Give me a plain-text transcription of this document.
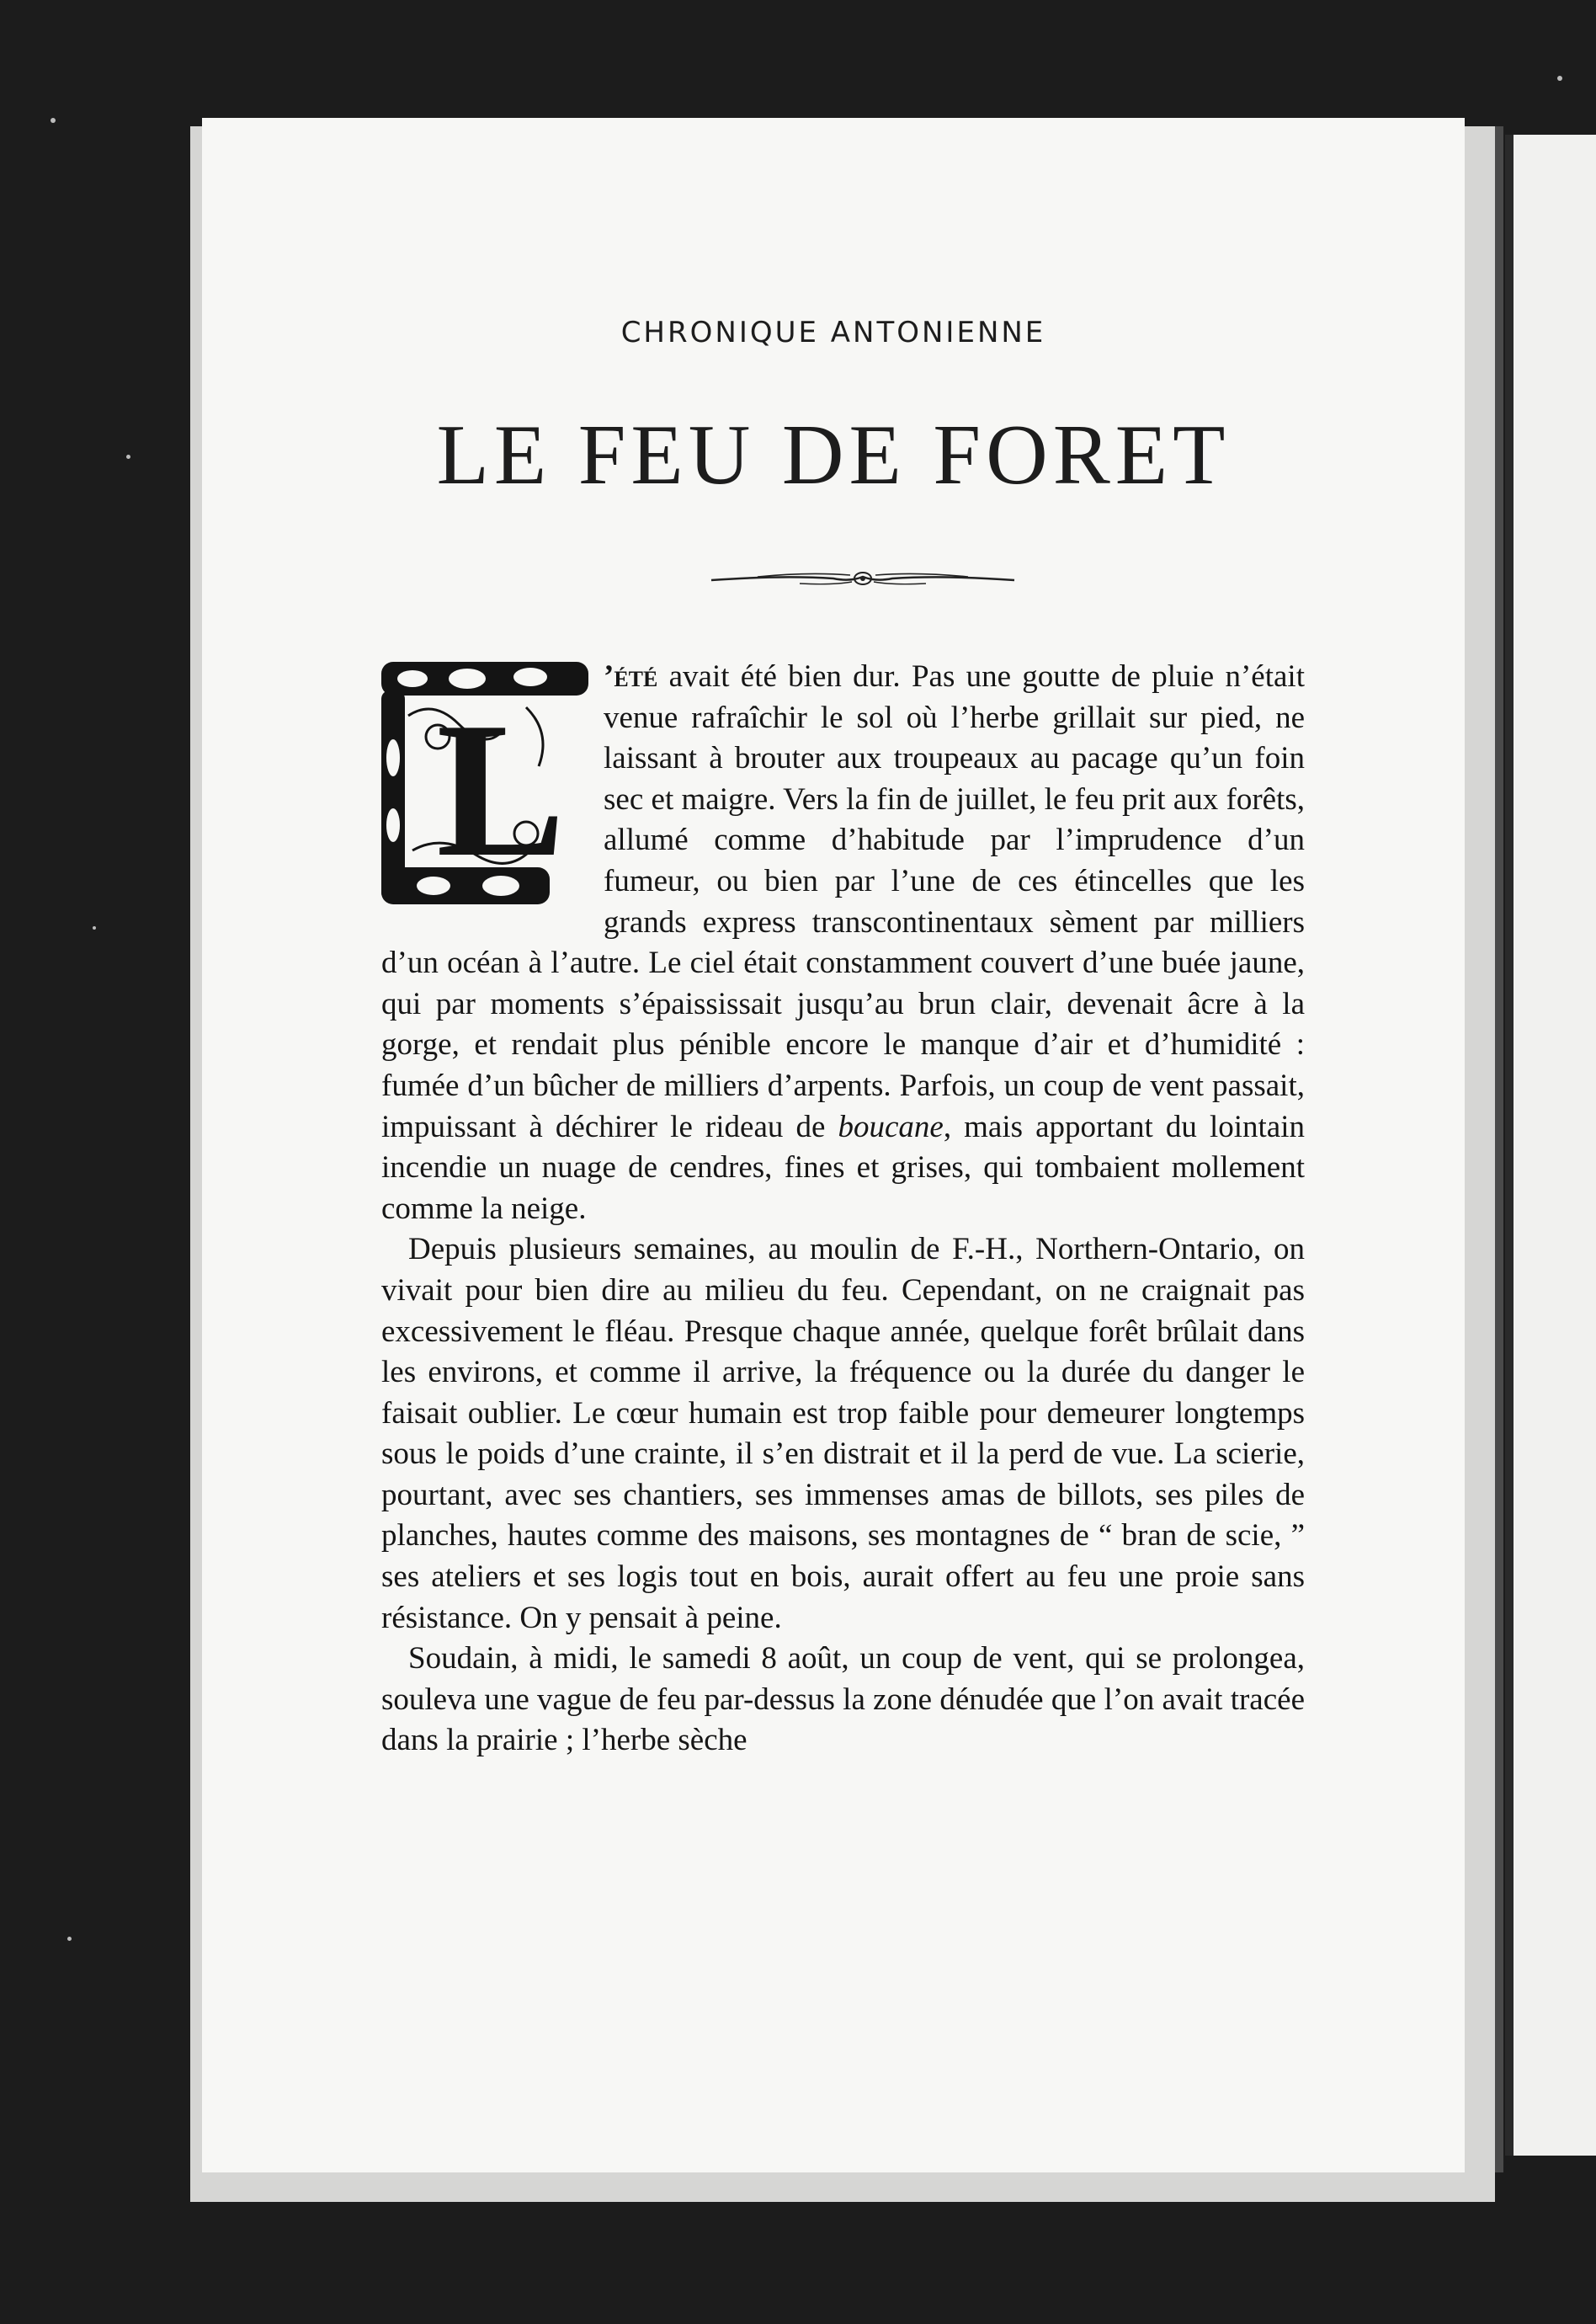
CHRONIQUE ANTONIENNE
LE FEU DE FORET
L

’été avait été bien dur. Pas une goutte de pluie n’était venue rafraîchir le sol où l’herbe grillait sur pied, ne laissant à brouter aux troupeaux au pacage qu’un foin sec et maigre. Vers la fin de juillet, le feu prit aux forêts, allumé comme d’habitude par l’imprudence d’un fumeur, ou bien par l’une de ces étincelles que les grands express transcontinentaux sèment par milliers d’un océan à l’autre. Le ciel était constamment couvert d’une buée jaune, qui par moments s’épaississait jusqu’au brun clair, devenait âcre à la gorge, et rendait plus pénible encore le manque d’air et d’humidité : fumée d’un bûcher de milliers d’arpents. Parfois, un coup de vent passait, impuissant à déchirer le rideau de boucane, mais apportant du lointain incendie un nuage de cendres, fines et grises, qui tombaient mollement comme la neige.

Depuis plusieurs semaines, au moulin de F.-H., Northern-Ontario, on vivait pour bien dire au milieu du feu. Cependant, on ne craignait pas excessivement le fléau. Presque chaque année, quelque forêt brûlait dans les environs, et comme il arrive, la fréquence ou la durée du danger le faisait oublier. Le cœur humain est trop faible pour demeurer longtemps sous le poids d’une crainte, il s’en distrait et il la perd de vue. La scierie, pourtant, avec ses chantiers, ses immenses amas de billots, ses piles de planches, hautes comme des maisons, ses montagnes de “ bran de scie, ” ses ateliers et ses logis tout en bois, aurait offert au feu une proie sans résistance. On y pensait à peine.

Soudain, à midi, le samedi 8 août, un coup de vent, qui se prolongea, souleva une vague de feu par-dessus la zone dénudée que l’on avait tracée dans la prairie ; l’herbe sèche
